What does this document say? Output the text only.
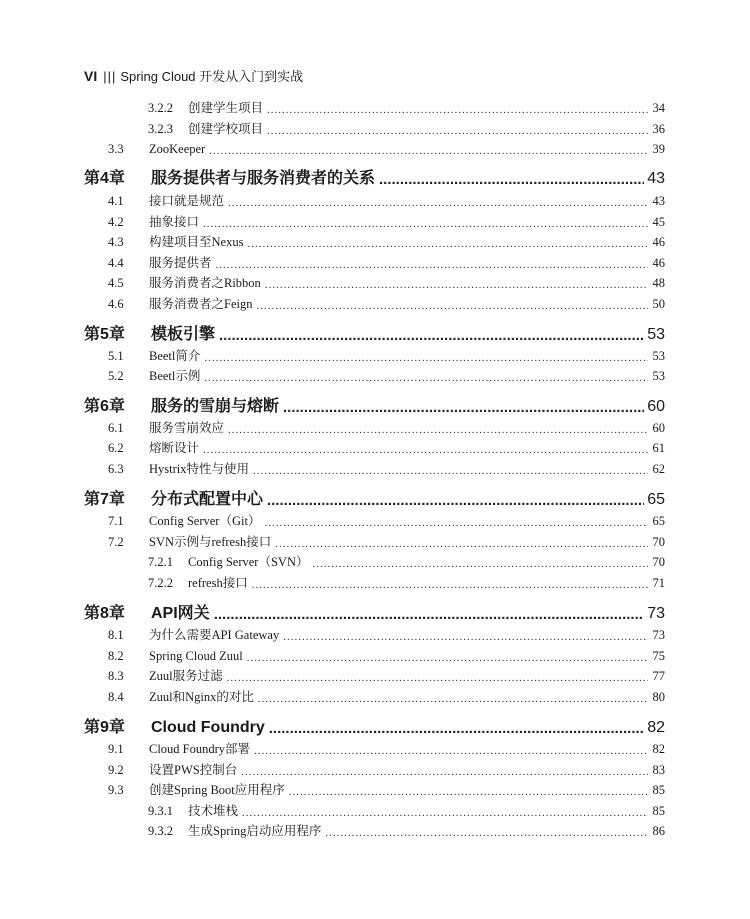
VI ||| Spring Cloud 开发从入门到实战
3.2.2	创建学生项目 .....	34
3.2.3	创建学校项目 .....	36
3.3	ZooKeeper .....	39
第4章	服务提供者与服务消费者的关系 .....	43
4.1	接口就是规范 .....	43
4.2	抽象接口 .....	45
4.3	构建项目至Nexus .....	46
4.4	服务提供者 .....	46
4.5	服务消费者之Ribbon .....	48
4.6	服务消费者之Feign .....	50
第5章	模板引擎 .....	53
5.1	Beetl简介 .....	53
5.2	Beetl示例 .....	53
第6章	服务的雪崩与熔断 .....	60
6.1	服务雪崩效应 .....	60
6.2	熔断设计 .....	61
6.3	Hystrix特性与使用 .....	62
第7章	分布式配置中心 .....	65
7.1	Config Server（Git） .....	65
7.2	SVN示例与refresh接口 .....	70
7.2.1	Config Server（SVN） .....	70
7.2.2	refresh接口 .....	71
第8章	API网关 .....	73
8.1	为什么需要API Gateway .....	73
8.2	Spring Cloud Zuul .....	75
8.3	Zuul服务过滤 .....	77
8.4	Zuul和Nginx的对比 .....	80
第9章	Cloud Foundry .....	82
9.1	Cloud Foundry部署 .....	82
9.2	设置PWS控制台 .....	83
9.3	创建Spring Boot应用程序 .....	85
9.3.1	技术堆栈 .....	85
9.3.2	生成Spring启动应用程序 .....	86
